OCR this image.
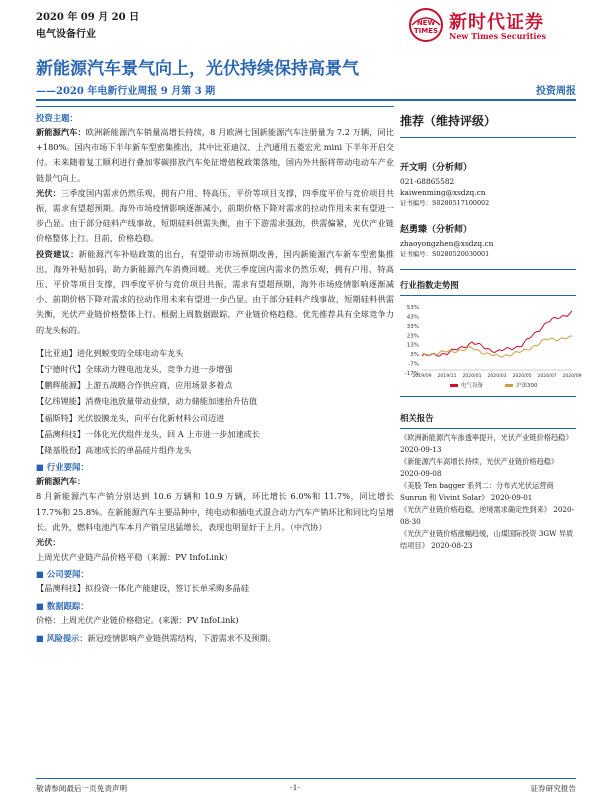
2020 年 09 月 20 日
电气设备行业
NEW TIMES 新时代证券
New Times Securities
新能源汽车景气向上，光伏持续保持高景气
——2020 年电新行业周报 9 月第 3 期	投资周报
投资主题：
新能源汽车：欧洲新能源汽车销量高增长持续，8 月欧洲七国新能源汽车注册量为 7.2 万辆，同比+180%。国内市场下半年新车型密集推出，其中比亚迪汉、上汽通用五菱宏光 mini 下半年开启交付。未来随着复工顺利进行叠加零碳排放汽车免征增值税政策落地，国内外共振将带动电动车产业链景气向上。
光伏：三季度国内需求仍然乐观，拥有户用、特高压、平价等项目支撑，四季度平价与竞价项目共振，需求有望超预期。海外市场疫情影响逐渐减小，前期价格下降对需求的拉动作用未来有望进一步凸显。由于部分硅料产线事故，短期硅料供需失衡，由于下游需求强劲，供需偏紧，光伏产业链价格整体上行。目前，价格趋稳。
投资建议：新能源汽车补贴政策的出台，有望带动市场预期改善，国内新能源汽车新车型密集推出，海外补贴加码，助力新能源汽车消费回暖。光伏三季度国内需求仍然乐观，拥有户用、特高压、平价等项目支撑，四季度平价与竞价项目共振，需求有望超预期，海外市场疫情影响逐渐减小、前期价格下降对需求的拉动作用未来有望进一步凸显。由于部分硅料产线事故，短期硅料供需失衡，光伏产业链价格整体上行。根据上周数据跟踪，产业链价格趋稳。优先推荐具有全球竞争力的龙头标的。
【比亚迪】进化到蜕变的全球电动车龙头
【宁德时代】全球动力锂电池龙头，竞争力进一步增强
【鹏辉能源】上游五战略合作供应商，应用场景多着点
【亿纬锂能】消费电池放量带动业绩，动力储能加速抬升估值
【福斯特】光伏胶膜龙头，向平台化新材料公司迈进
【晶澳科技】一体化光伏组件龙头，回 A 上市进一步加速成长
【隆基股份】高速成长的单晶硅片组件龙头
■ 行业要闻：
新能源汽车：
8 月新能源汽车产销分别达到 10.6 万辆和 10.9 万辆，环比增长 6.0%和 11.7%，同比增长 17.7%和 25.8%。在新能源汽车主要品种中，纯电动和插电式混合动力汽车产销环比和同比均呈增长。此外，燃料电池汽车本月产销呈迅猛增长，表现也明显好于上月。（中汽协）
光伏：
上周光伏产业链产品价格平稳（来源：PV InfoLink）
■ 公司要闻：
【晶澳科技】拟投资一体化产能建设，签订长单采购多晶硅
■ 数据跟踪：
价格：上周光伏产业链价格稳定。(来源：PV InfoLink)
■ 风险提示：新冠疫情影响产业链供需结构，下游需求不及预期。
推荐（维持评级）
开文明（分析师）
021-68865582
kaiwenming@xsdzq.cn
证书编号：S0280517100002
赵勇臻（分析师）
zhaoyongzhen@xsdzq.cn
证书编号：S0280520030001
行业指数走势图
53%
43%
33%
23%
13%
3%
-7%
-17%
2019/09 2019/11 2020/01 2020/03 2020/05 2020/07 2020/09
电气设备	沪深300
相关报告
《欧洲新能源汽车渗透率提升，光伏产业链价格趋稳》 2020-09-13
《新能源汽车高增长持续，光伏产业链价格趋稳》 2020-09-08
《美股 Ten bagger 系列二：分布式光伏运营商 Sunrun 和 Vivint Solar》 2020-09-01
《光伏产业链价格趋稳，逆境需求确定性到来》 2020-08-30
《光伏产业链价格涨幅趋缓，山煤国际投资 3GW 异质结项目》 2020-08-23
敬请参阅最后一页免责声明	-1-	证券研究报告
